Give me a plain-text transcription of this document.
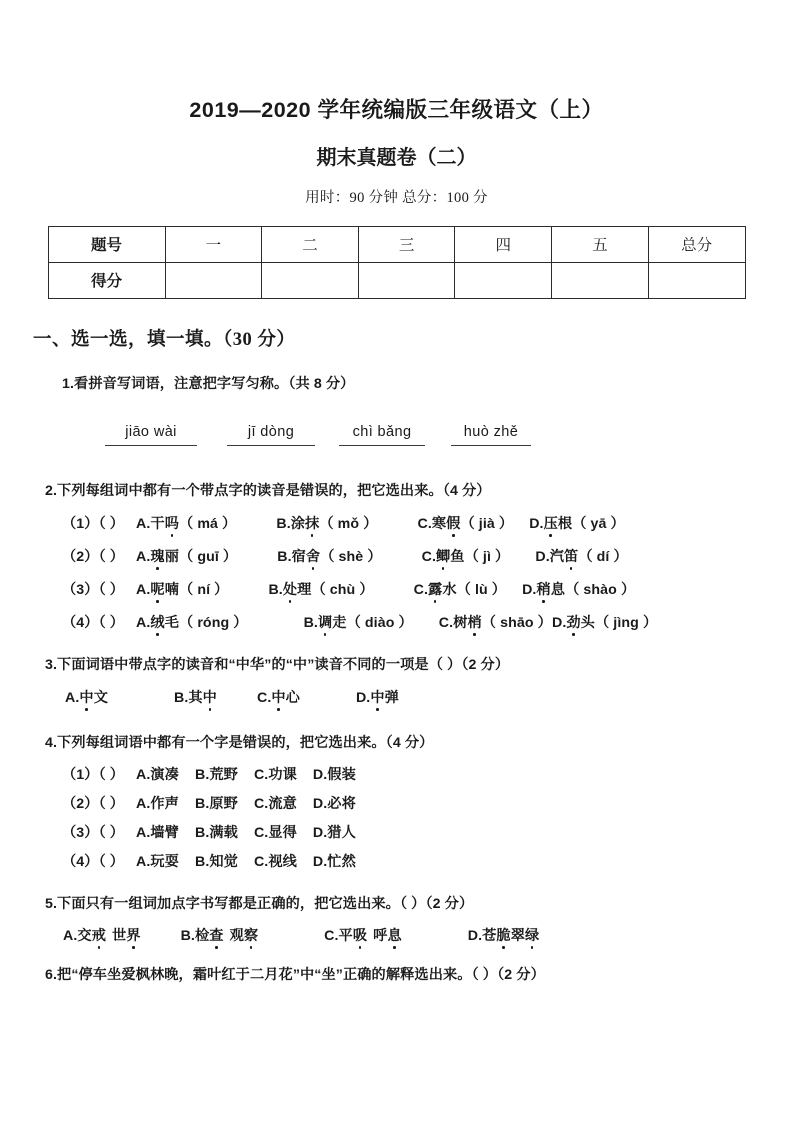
2019—2020 学年统编版三年级语文（上）
期末真题卷（二）

用时：90 分钟 总分：100 分

题号	一	二	三	四	五	总分
得分						
一、选一选，填一填。（30 分）

1.看拼音写词语，注意把字写匀称。（共 8 分）

jiāo wài	jī dòng	chì bǎng	huò zhě

2.下列每组词中都有一个带点字的读音是错误的，把它选出来。（4 分）

（1）（ ） A.干吗（ má ）	B.涂抹（ mǒ ）	C.寒假（ jià ） D.压根（ yā ）

（2）（ ） A.瑰丽（ guī ）	B.宿舍（ shè ）	C.鲫鱼（ jì ） D.汽笛（ dí ）

（3）（ ） A.呢喃（ ní ）	B.处理（ chù ）	C.露水（ lù ） D.稍息（ shào ）

（4）（ ） A.绒毛（ róng ）	B.调走（ diào ） C.树梢（ shāo ）D.劲头（ jìng ）

3.下面词语中带点字的读音和“中华”的“中”读音不同的一项是（ ）（2 分）

A.中文	B.其中	C.中心	D.中弹

4.下列每组词语中都有一个字是错误的，把它选出来。（4 分）

（1）（ ） A.演凑 B.荒野 C.功课 D.假装

（2）（ ） A.作声 B.原野 C.流意 D.必将

（3）（ ） A.墙臂 B.满载 C.显得 D.猎人

（4）（ ） A.玩耍 B.知觉 C.视线 D.忙然

5.下面只有一组词加点字书写都是正确的，把它选出来。（ ）（2 分）

A.交戒 世界	B.检查 观察	C.平吸 呼息	D.苍脆翠绿

6.把“停车坐爱枫林晚，霜叶红于二月花”中“坐”正确的解释选出来。（ ）（2 分）
